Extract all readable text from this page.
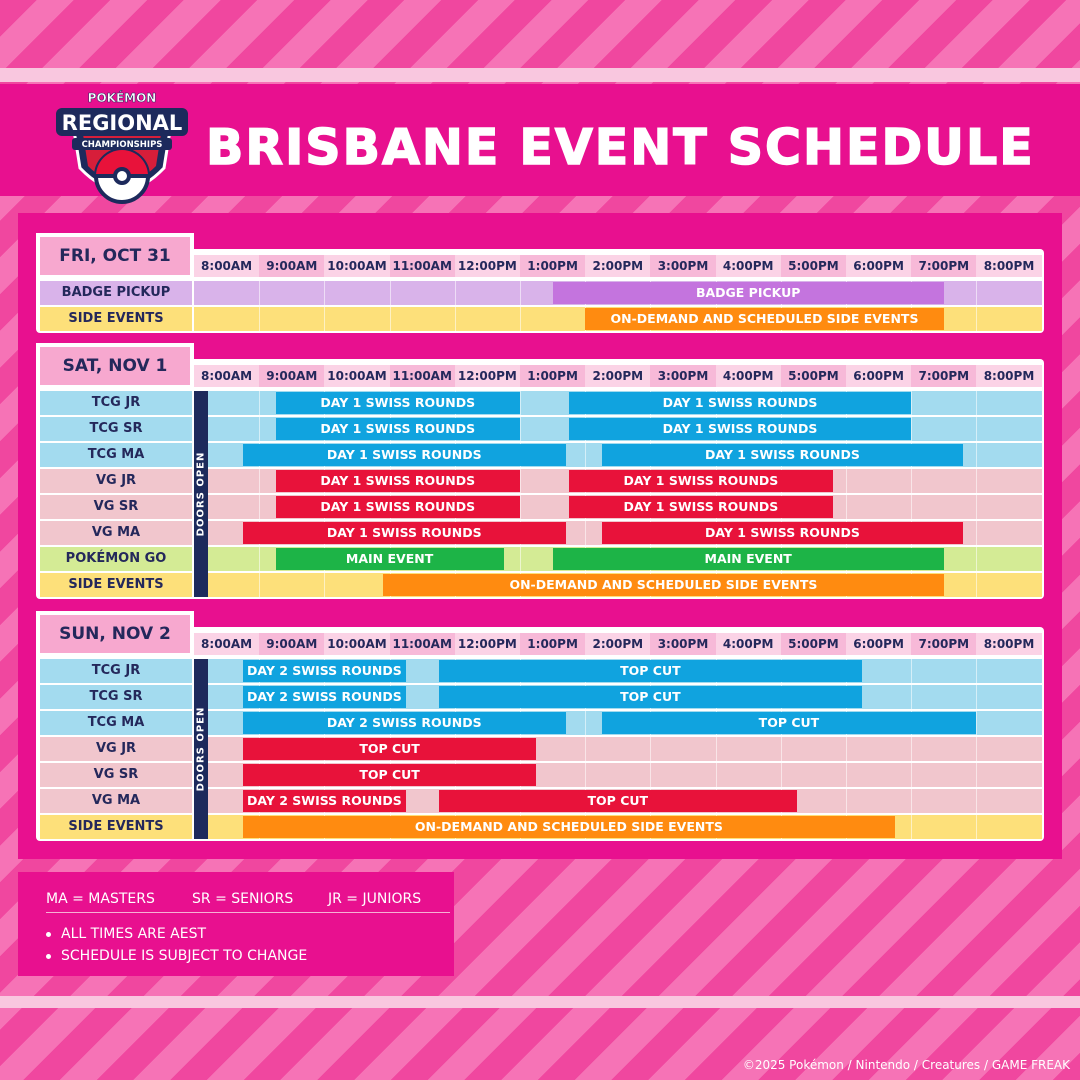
POKÉMON
REGIONAL
CHAMPIONSHIPS BRISBANE EVENT SCHEDULE
FRI, OCT 31	8:00AM	9:00AM 10:00AM 11:00AM 12:00PM 1:00PM	2:00PM	3:00PM	4:00PM	5:00PM	6:00PM	7:00PM	8:00PM
BADGE PICKUP	BADGE PICKUP
SIDE EVENTS	ON-DEMAND AND SCHEDULED SIDE EVENTS
SAT, NOV 1	8:00AM	9:00AM 10:00AM 11:00AM 12:00PM 1:00PM	2:00PM	3:00PM	4:00PM	5:00PM	6:00PM	7:00PM	8:00PM
TCG JR	DAY 1 SWISS ROUNDS	DAY 1 SWISS ROUNDS
TCG SR	DAY 1 SWISS ROUNDS	DAY 1 SWISS ROUNDS
TCG MA	DAY 1 SWISS ROUNDS	DAY 1 SWISS ROUNDS
VG JR	DAY 1 SWISS ROUNDS	DAY 1 SWISS ROUNDS
VG SR	DAY 1 SWISS ROUNDS	DAY 1 SWISS ROUNDS
VG MA	DAY 1 SWISS ROUNDS	DAY 1 SWISS ROUNDS
POKÉMON GO	MAIN EVENT	MAIN EVENT
SIDE EVENTS	ON-DEMAND AND SCHEDULED SIDE EVENTS
DOORS OPEN
SUN, NOV 2	8:00AM	9:00AM 10:00AM 11:00AM 12:00PM 1:00PM	2:00PM	3:00PM	4:00PM	5:00PM	6:00PM	7:00PM	8:00PM
TCG JR	DAY 2 SWISS ROUNDS	TOP CUT
TCG SR	DAY 2 SWISS ROUNDS	TOP CUT
TCG MA	DAY 2 SWISS ROUNDS	TOP CUT
VG JR	TOP CUT
VG SR	TOP CUT
VG MA	DAY 2 SWISS ROUNDS	TOP CUT
SIDE EVENTS	ON-DEMAND AND SCHEDULED SIDE EVENTS
DOORS OPEN
MA = MASTERS	SR = SENIORS JR = JUNIORS
ALL TIMES ARE AEST
SCHEDULE IS SUBJECT TO CHANGE
©2025 Pokémon / Nintendo / Creatures / GAME FREAK
